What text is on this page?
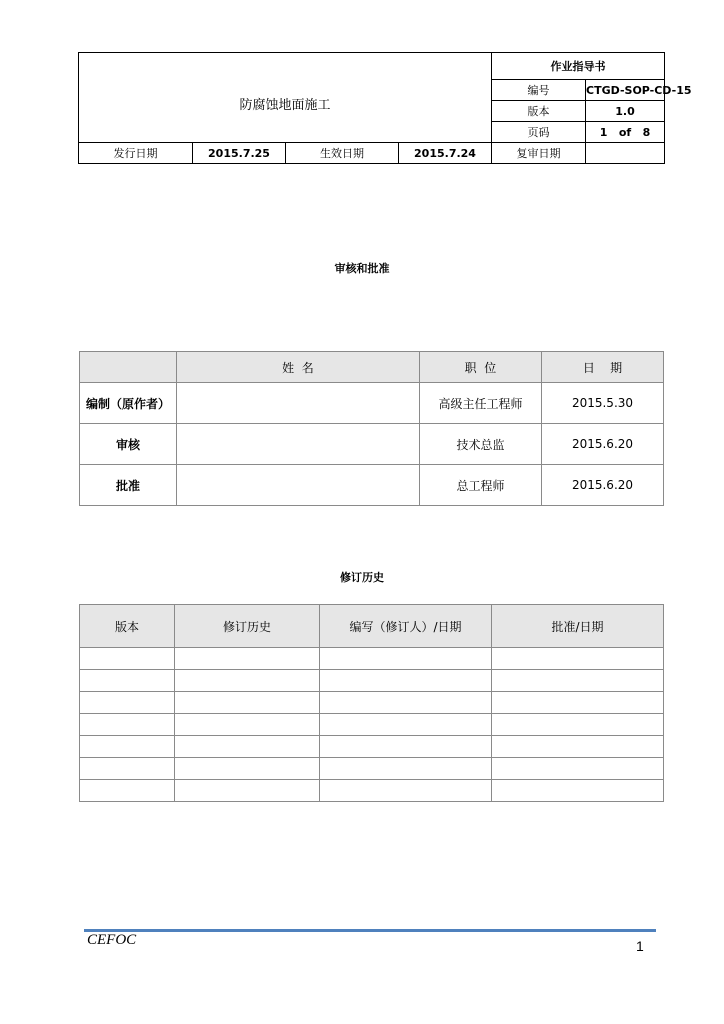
防腐蚀地面施工				作业指导书	
				编号	CTGD-SOP-CD-15
				版本	1.0
				页码	1   of   8
发行日期	2015.7.25	生效日期	2015.7.24	复审日期	
审核和批准
	姓  名	职  位	日    期
编制（原作者）		高级主任工程师	2015.5.30
审核		技术总监	2015.6.20
批准		总工程师	2015.6.20
修订历史
版本	修订历史	编写（修订人）/日期	批准/日期

CEFOC	1
